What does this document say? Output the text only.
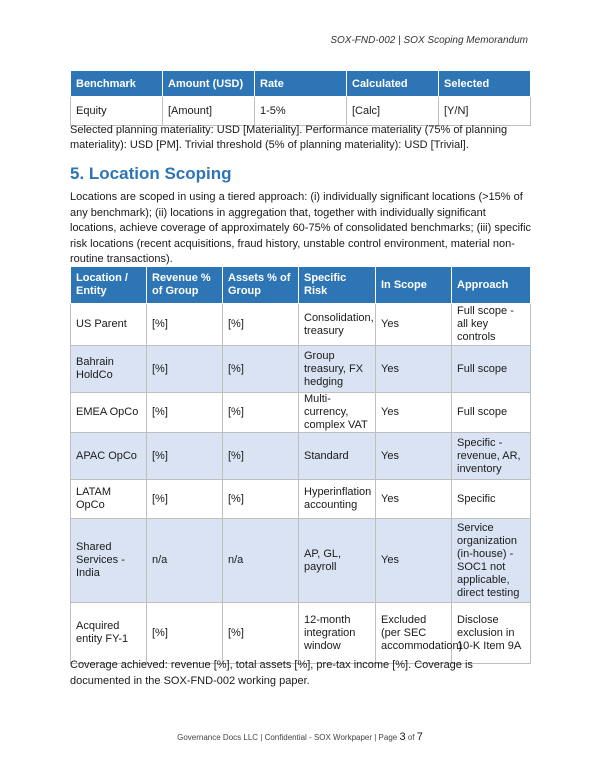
SOX-FND-002 | SOX Scoping Memorandum
Benchmark	Amount (USD)	Rate	Calculated	Selected
Equity	[Amount]	1-5%	[Calc]	[Y/N]

Selected planning materiality: USD [Materiality]. Performance materiality (75% of planning materiality): USD [PM]. Trivial threshold (5% of planning materiality): USD [Trivial].

5. Location Scoping

Locations are scoped in using a tiered approach: (i) individually significant locations (>15% of any benchmark); (ii) locations in aggregation that, together with individually significant locations, achieve coverage of approximately 60-75% of consolidated benchmarks; (iii) specific risk locations (recent acquisitions, fraud history, unstable control environment, material non-routine transactions).

Location / Entity	Revenue % of Group	Assets % of Group	Specific Risk	In Scope	Approach
US Parent	[%]	[%]	Consolidation, treasury	Yes	Full scope - all key controls
Bahrain HoldCo	[%]	[%]	Group treasury, FX hedging	Yes	Full scope
EMEA OpCo	[%]	[%]	Multi-currency, complex VAT	Yes	Full scope
APAC OpCo	[%]	[%]	Standard	Yes	Specific - revenue, AR, inventory
LATAM OpCo	[%]	[%]	Hyperinflation accounting	Yes	Specific
Shared Services - India	n/a	n/a	AP, GL, payroll	Yes	Service organization (in-house) - SOC1 not applicable, direct testing
Acquired entity FY-1	[%]	[%]	12-month integration window	Excluded (per SEC accommodation)	Disclose exclusion in 10-K Item 9A

Coverage achieved: revenue [%], total assets [%], pre-tax income [%]. Coverage is documented in the SOX-FND-002 working paper.

Governance Docs LLC | Confidential - SOX Workpaper | Page 3 of 7
